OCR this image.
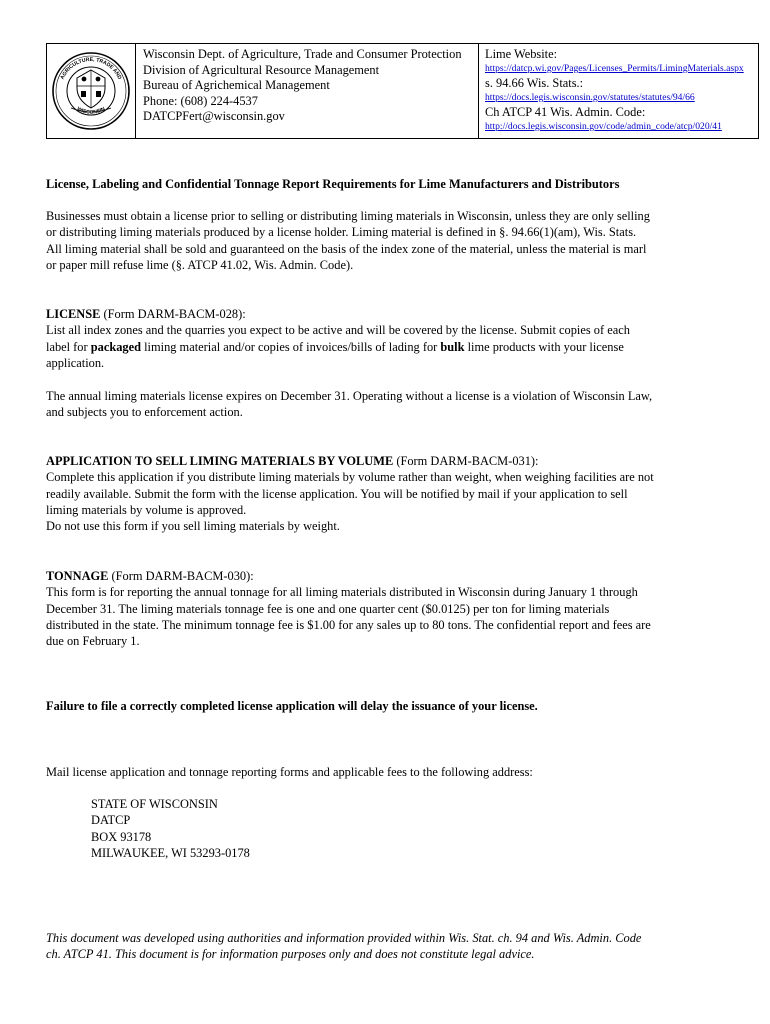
AGRICULTURE, TRADE AND
WISCONSIN
Wisconsin Dept. of Agriculture, Trade and Consumer Protection
Division of Agricultural Resource Management
Bureau of Agrichemical Management
Phone: (608) 224-4537
DATCPFert@wisconsin.gov
Lime Website:
https://datcp.wi.gov/Pages/Licenses_Permits/LimingMaterials.aspx
s. 94.66 Wis. Stats.:
https://docs.legis.wisconsin.gov/statutes/statutes/94/66
Ch ATCP 41 Wis. Admin. Code:
http://docs.legis.wisconsin.gov/code/admin_code/atcp/020/41
License, Labeling and Confidential Tonnage Report Requirements for Lime Manufacturers and Distributors
Businesses must obtain a license prior to selling or distributing liming materials in Wisconsin, unless they are only selling
or distributing liming materials produced by a license holder. Liming material is defined in §. 94.66(1)(am), Wis. Stats.
All liming material shall be sold and guaranteed on the basis of the index zone of the material, unless the material is marl
or paper mill refuse lime (§. ATCP 41.02, Wis. Admin. Code).
LICENSE (Form DARM-BACM-028):
List all index zones and the quarries you expect to be active and will be covered by the license. Submit copies of each
label for packaged liming material and/or copies of invoices/bills of lading for bulk lime products with your license
application.
The annual liming materials license expires on December 31. Operating without a license is a violation of Wisconsin Law,
and subjects you to enforcement action.
APPLICATION TO SELL LIMING MATERIALS BY VOLUME (Form DARM-BACM-031):
Complete this application if you distribute liming materials by volume rather than weight, when weighing facilities are not
readily available. Submit the form with the license application. You will be notified by mail if your application to sell
liming materials by volume is approved.
Do not use this form if you sell liming materials by weight.
TONNAGE (Form DARM-BACM-030):
This form is for reporting the annual tonnage for all liming materials distributed in Wisconsin during January 1 through
December 31. The liming materials tonnage fee is one and one quarter cent ($0.0125) per ton for liming materials
distributed in the state. The minimum tonnage fee is $1.00 for any sales up to 80 tons. The confidential report and fees are
due on February 1.
Failure to file a correctly completed license application will delay the issuance of your license.
Mail license application and tonnage reporting forms and applicable fees to the following address:
STATE OF WISCONSIN
DATCP
BOX 93178
MILWAUKEE, WI 53293-0178
This document was developed using authorities and information provided within Wis. Stat. ch. 94 and Wis. Admin. Code
ch. ATCP 41. This document is for information purposes only and does not constitute legal advice.
